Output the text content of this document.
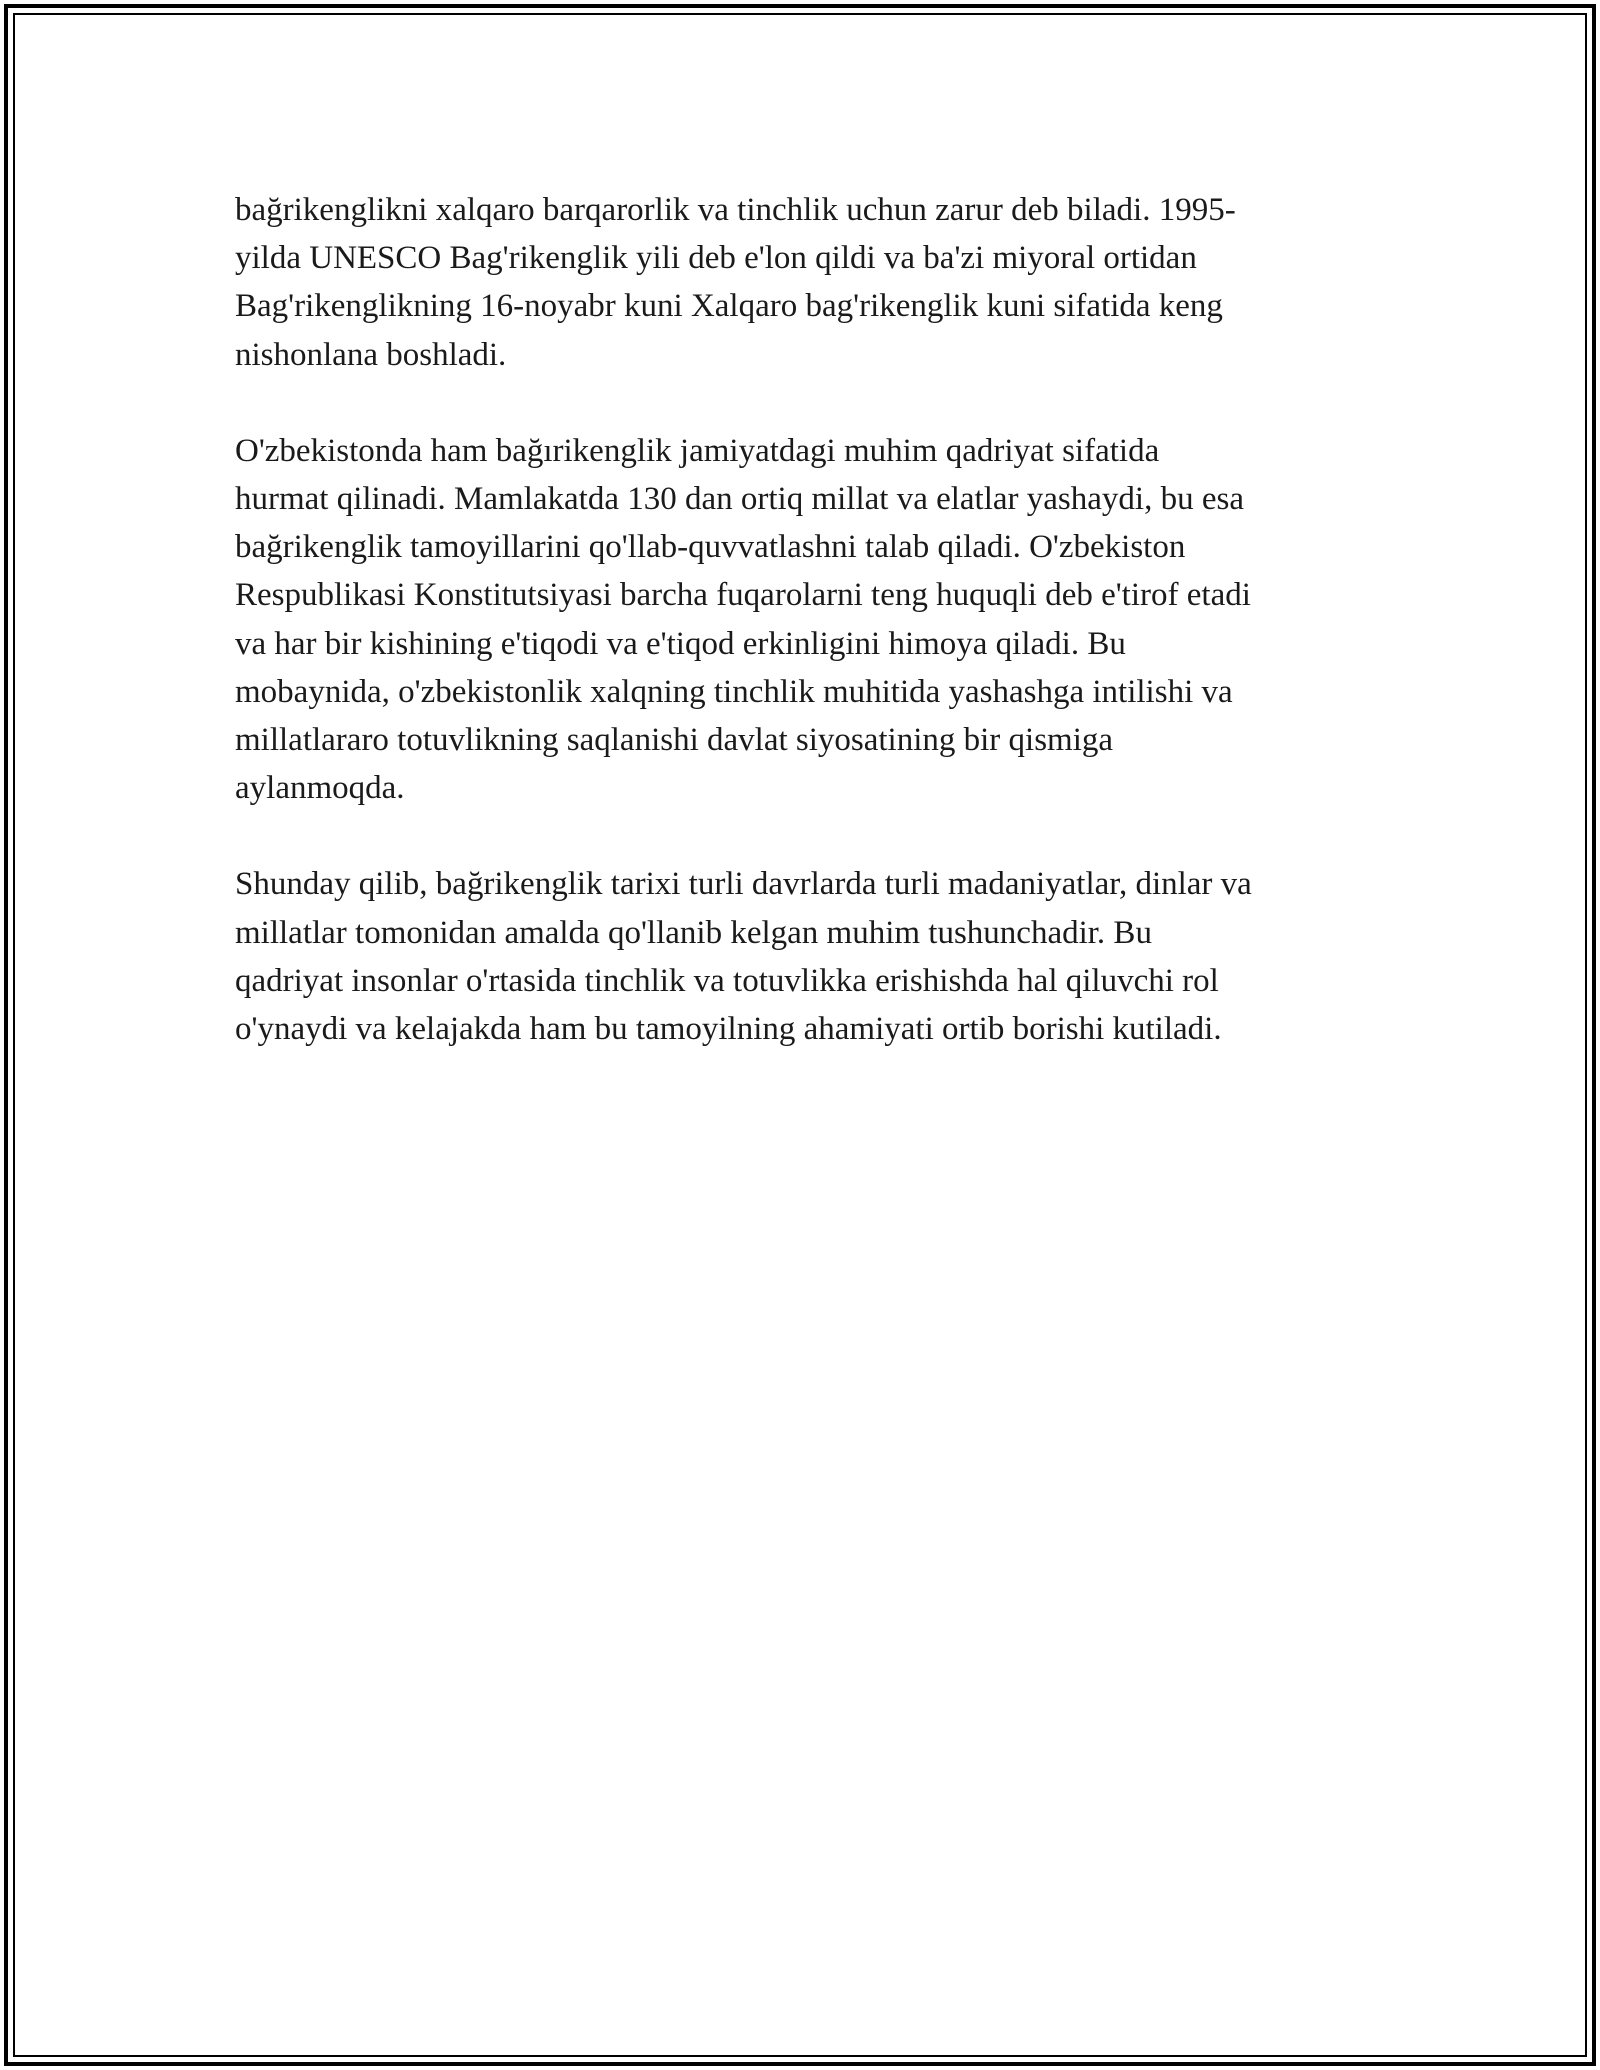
bağrikenglikni xalqaro barqarorlik va tinchlik uchun zarur deb biladi. 1995-
yilda UNESCO Bag'rikenglik yili deb e'lon qildi va ba'zi miyoral ortidan
Bag'rikenglikning 16-noyabr kuni Xalqaro bag'rikenglik kuni sifatida keng
nishonlana boshladi.

O'zbekistonda ham bağırikenglik jamiyatdagi muhim qadriyat sifatida
hurmat qilinadi. Mamlakatda 130 dan ortiq millat va elatlar yashaydi, bu esa
bağrikenglik tamoyillarini qo'llab-quvvatlashni talab qiladi. O'zbekiston
Respublikasi Konstitutsiyasi barcha fuqarolarni teng huquqli deb e'tirof etadi
va har bir kishining e'tiqodi va e'tiqod erkinligini himoya qiladi. Bu
mobaynida, o'zbekistonlik xalqning tinchlik muhitida yashashga intilishi va
millatlararo totuvlikning saqlanishi davlat siyosatining bir qismiga
aylanmoqda.

Shunday qilib, bağrikenglik tarixi turli davrlarda turli madaniyatlar, dinlar va
millatlar tomonidan amalda qo'llanib kelgan muhim tushunchadir. Bu
qadriyat insonlar o'rtasida tinchlik va totuvlikka erishishda hal qiluvchi rol
o'ynaydi va kelajakda ham bu tamoyilning ahamiyati ortib borishi kutiladi.
